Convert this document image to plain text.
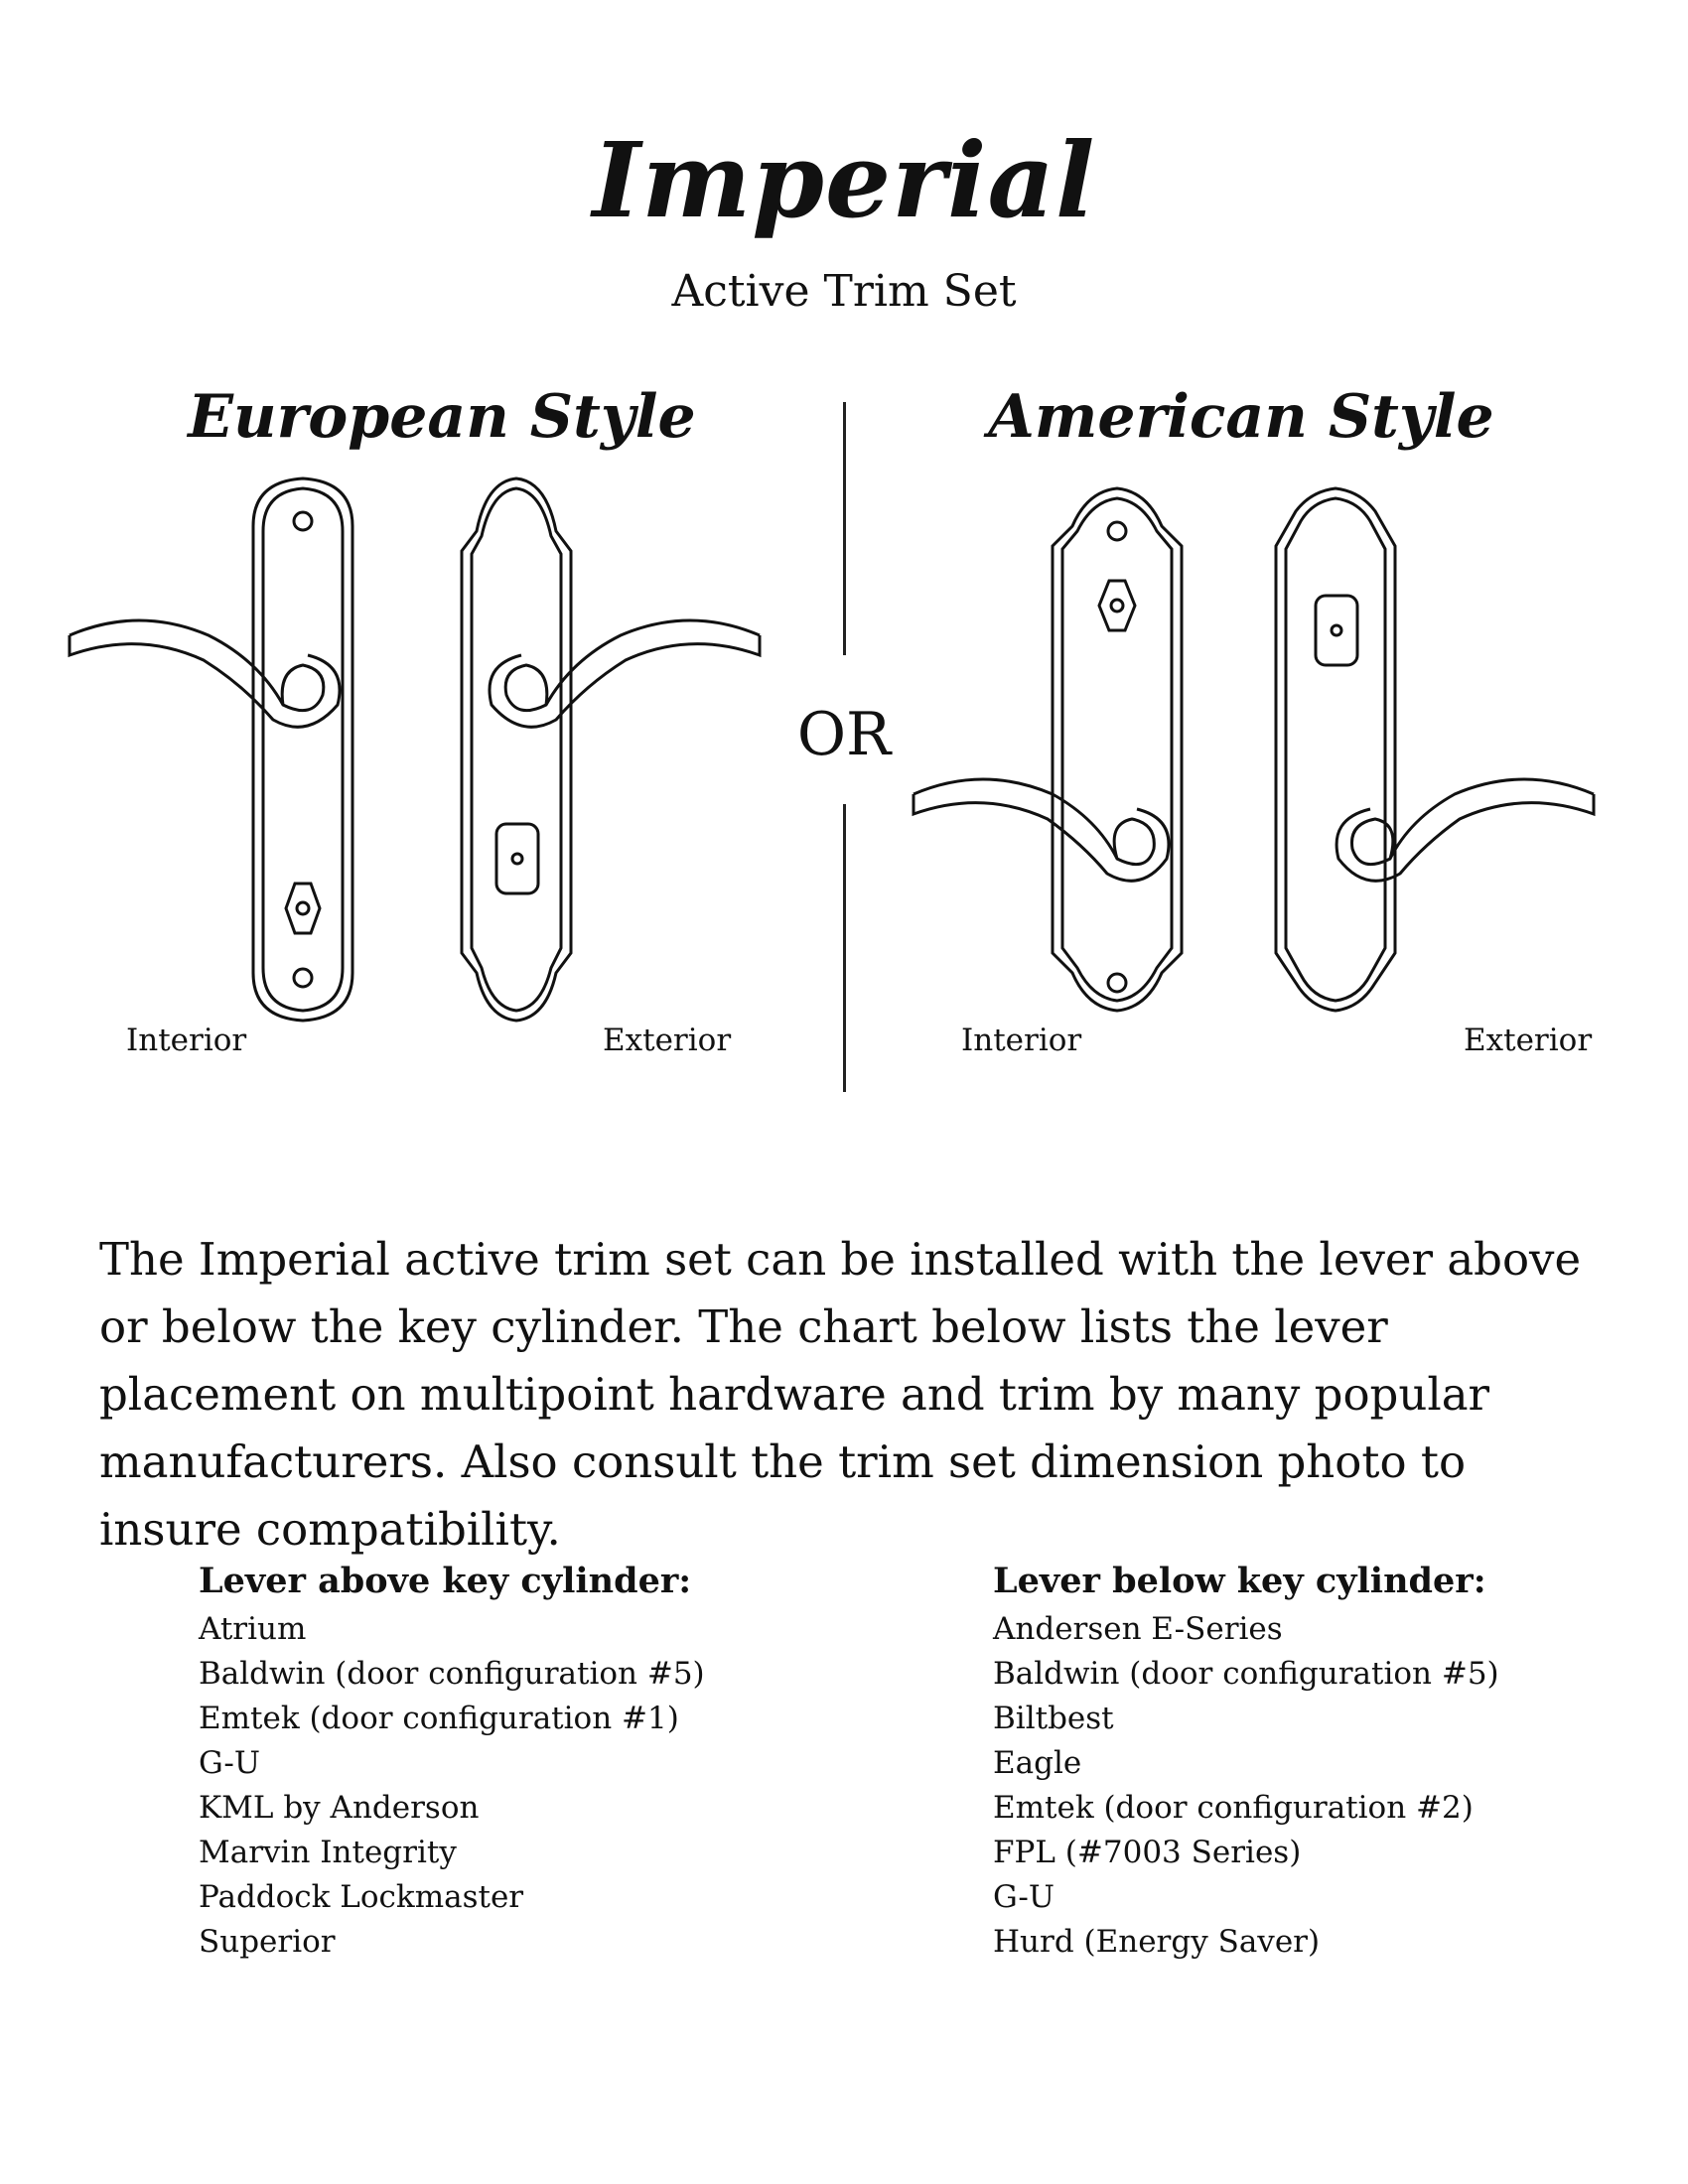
Imperial
Active Trim Set
European Style	American Style
OR
Interior	Exterior	Interior	Exterior
The Imperial active trim set can be installed with the lever above or below the key cylinder. The chart below lists the lever placement on multipoint hardware and trim by many popular manufacturers. Also consult the trim set dimension photo to insure compatibility.
Lever above key cylinder:
Atrium
Baldwin (door configuration #5)
Emtek (door configuration #1)
G-U
KML by Anderson
Marvin Integrity
Paddock Lockmaster
Superior
Lever below key cylinder:
Andersen E-Series
Baldwin (door configuration #5)
Biltbest
Eagle
Emtek (door configuration #2)
FPL (#7003 Series)
G-U
Hurd (Energy Saver)
